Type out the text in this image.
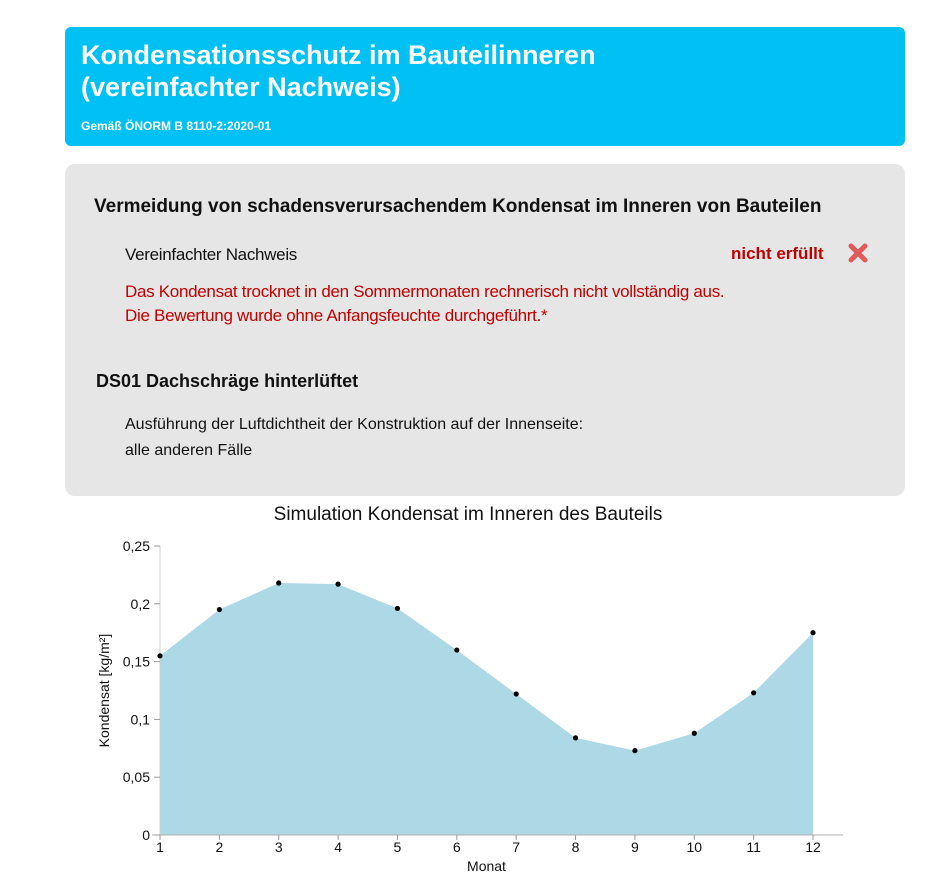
Kondensationsschutz im Bauteilinneren (vereinfachter Nachweis)
Gemäß ÖNORM B 8110-2:2020-01
Vermeidung von schadensverursachendem Kondensat im Inneren von Bauteilen
Vereinfachter Nachweis	nicht erfüllt
Das Kondensat trocknet in den Sommermonaten rechnerisch nicht vollständig aus.
Die Bewertung wurde ohne Anfangsfeuchte durchgeführt.*
DS01 Dachschräge hinterlüftet
Ausführung der Luftdichtheit der Konstruktion auf der Innenseite:
alle anderen Fälle
Simulation Kondensat im Inneren des Bauteils
0
0,05
0,1
0,15
0,2
0,25
1	2	3	4	5	6	7	8	9	10	11	12
Monat
Kondensat [kg/m²]
